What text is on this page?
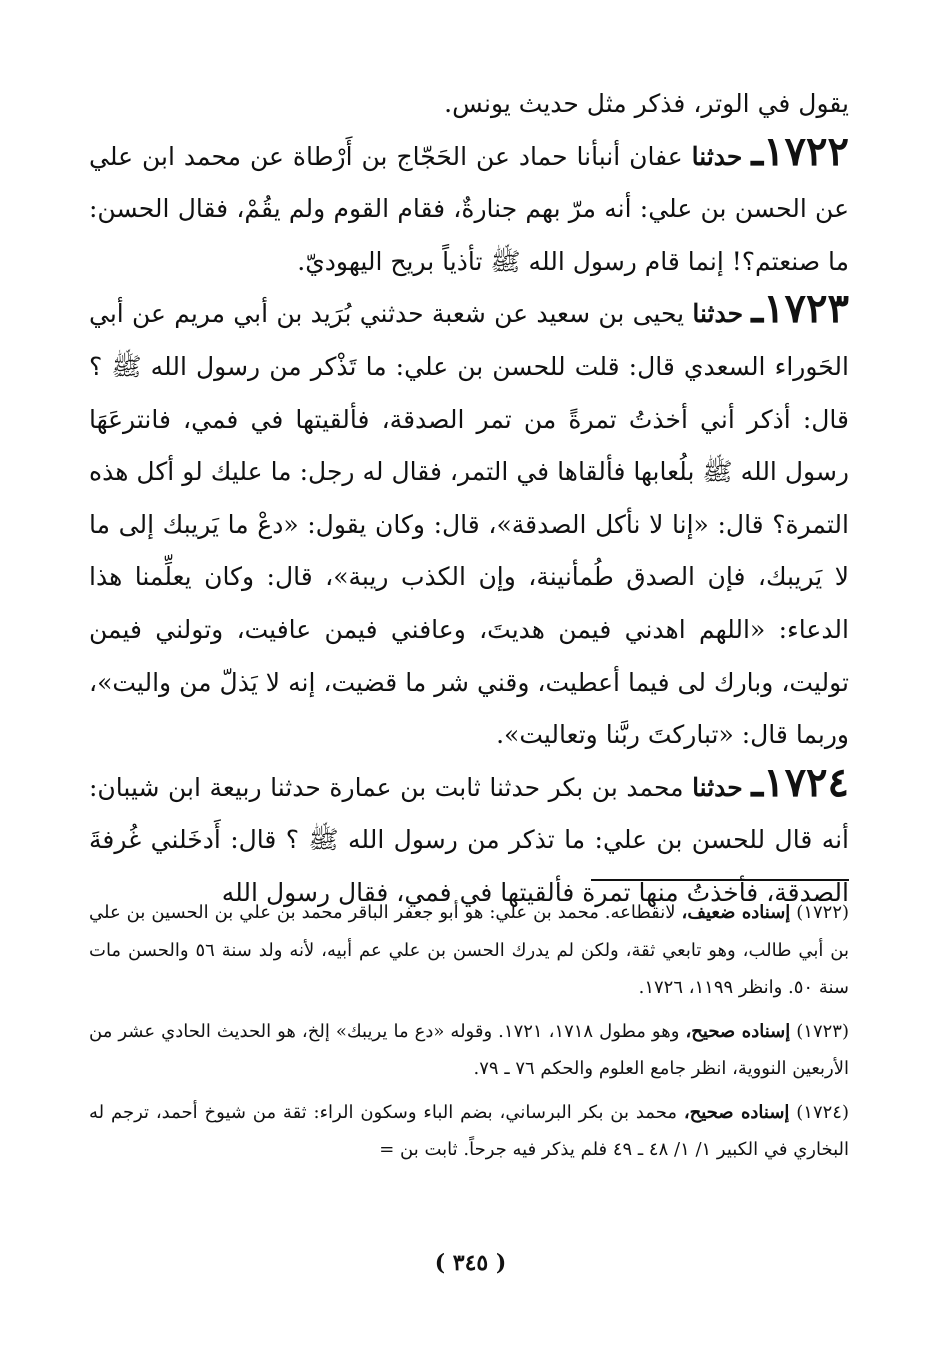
يقول في الوتر، فذكر مثل حديث يونس.

١٧٢٢ـ حدثنا عفان أنبأنا حماد عن الحَجّاج بن أَرْطاة عن محمد ابن علي عن الحسن بن علي: أنه مرّ بهم جنارةٌ، فقام القوم ولم يقُمْ، فقال الحسن: ما صنعتم؟! إنما قام رسول الله ﷺ تأذياً بريح اليهوديّ.

١٧٢٣ـ حدثنا يحيى بن سعيد عن شعبة حدثني بُرَيد بن أبي مريم عن أبي الحَوراء السعدي قال: قلت للحسن بن علي: ما تَذْكر من رسول الله ﷺ ؟ قال: أذكر أني أخذتُ تمرةً من تمر الصدقة، فألقيتها في فمي، فانترعَهَا رسول الله ﷺ بلُعابها فألقاها في التمر، فقال له رجل: ما عليك لو أكل هذه التمرة؟ قال: «إنا لا نأكل الصدقة»، قال: وكان يقول: «دعْ ما يَريبك إلى ما لا يَريبك، فإن الصدق طُمأنينة، وإن الكذب ريبة»، قال: وكان يعلِّمنا هذا الدعاء: «اللهم اهدني فيمن هديتَ، وعافني فيمن عافيت، وتولني فيمن توليت، وبارك لى فيما أعطيت، وقني شر ما قضيت، إنه لا يَذلّ من واليت»، وربما قال: «تباركتَ ربَّنا وتعاليت».

١٧٢٤ـ حدثنا محمد بن بكر حدثنا ثابت بن عمارة حدثنا ربيعة ابن شيبان: أنه قال للحسن بن علي: ما تذكر من رسول الله ﷺ ؟ قال: أَدخَلني غُرفةَ الصدقة، فأخذتُ منها تمرة فألقيتها في فمي، فقال رسول الله

(١٧٢٢) إسناده ضعيف، لانقطاعه. محمد بن علي: هو أبو جعفر الباقر محمد بن علي بن الحسين بن علي بن أبي طالب، وهو تابعي ثقة، ولكن لم يدرك الحسن بن علي عم أبيه، لأنه ولد سنة ٥٦ والحسن مات سنة ٥٠. وانظر ١١٩٩، ١٧٢٦.

(١٧٢٣) إسناده صحيح، وهو مطول ١٧١٨، ١٧٢١. وقوله «دع ما يريبك» إلخ، هو الحديث الحادي عشر من الأربعين النووية، انظر جامع العلوم والحكم ٧٦ ـ ٧٩.

(١٧٢٤) إسناده صحيح، محمد بن بكر البرساني، بضم الباء وسكون الراء: ثقة من شيوخ أحمد، ترجم له البخاري في الكبير ١/ ١/ ٤٨ ـ ٤٩ فلم يذكر فيه جرحاً. ثابت بن =

( ٣٤٥ )
